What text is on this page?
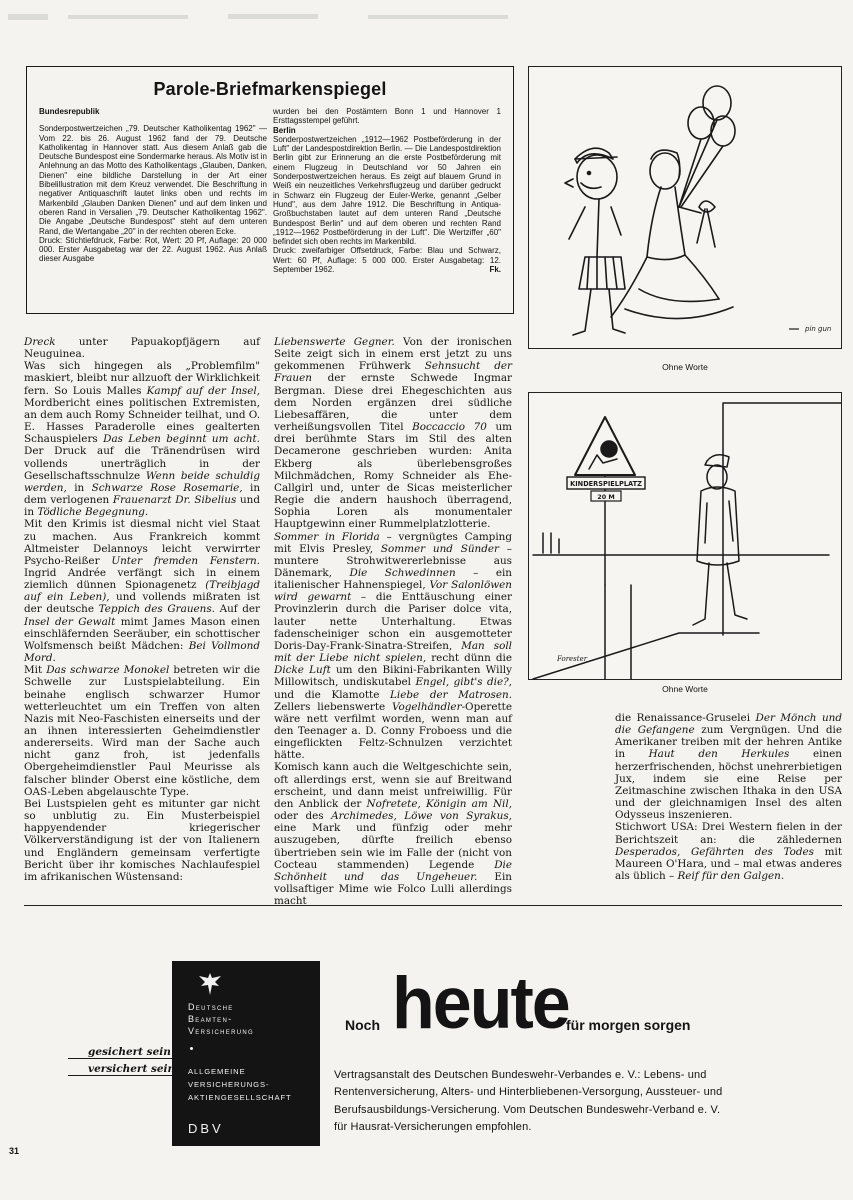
Parole-Briefmarkenspiegel
Bundesrepublik
Sonderpostwertzeichen „79. Deutscher Katholikentag 1962" — Vom 22. bis 26. August 1962 fand der 79. Deutsche Katholikentag in Hannover statt. Aus diesem Anlaß gab die Deutsche Bundespost eine Sondermarke heraus. Als Motiv ist in Anlehnung an das Motto des Katholikentags „Glauben, Danken, Dienen" eine bildliche Darstellung in der Art einer Bibelillustration mit dem Kreuz verwendet. Die Beschriftung in negativer Antiquaschrift lautet links oben und rechts im Markenbild „Glauben Danken Dienen" und auf dem linken und oberen Rand in Versalien „79. Deutscher Katholikentag 1962". Die Angabe „Deutsche Bundespost" steht auf dem unteren Rand, die Wertangabe „20" in der rechten oberen Ecke.
Druck: Stichtiefdruck, Farbe: Rot, Wert: 20 Pf, Auflage: 20 000 000. Erster Ausgabetag war der 22. August 1962. Aus Anlaß dieser Ausgabe
wurden bei den Postämtern Bonn 1 und Hannover 1 Ersttagsstempel geführt.

Berlin
Sonderpostwertzeichen „1912—1962 Postbeförderung in der Luft" der Landespostdirektion Berlin. — Die Landespostdirektion Berlin gibt zur Erinnerung an die erste Postbeförderung mit einem Flugzeug in Deutschland vor 50 Jahren ein Sonderpostwertzeichen heraus. Es zeigt auf blauem Grund in Weiß ein neuzeitliches Verkehrsflugzeug und darüber gedruckt in Schwarz ein Flugzeug der Euler-Werke, genannt „Gelber Hund", aus dem Jahre 1912. Die Beschriftung in Antiqua-Großbuchstaben lautet auf dem unteren Rand „Deutsche Bundespost Berlin" und auf dem oberen und rechten Rand „1912—1962 Postbeförderung in der Luft". Die Wertziffer „60" befindet sich oben rechts im Markenbild.
Druck: zweifarbiger Offsetdruck, Farbe: Blau und Schwarz, Wert: 60 Pf, Auflage: 5 000 000. Erster Ausgabetag: 12. September 1962.	Fk.
pin gun
Ohne Worte
KINDERSPIELPLATZ
20 M
Forester
Ohne Worte

Dreck unter Papuakopfjägern auf Neuguinea.

Was sich hingegen als „Problemfilm" maskiert, bleibt nur allzuoft der Wirklichkeit fern. So Louis Malles Kampf auf der Insel, Mordbericht eines politischen Extremisten, an dem auch Romy Schneider teilhat, und O. E. Hasses Paraderolle eines gealterten Schauspielers Das Leben beginnt um acht. Der Druck auf die Tränendrüsen wird vollends unerträglich in der Gesellschaftsschnulze Wenn beide schuldig werden, in Schwarze Rose Rosemarie, in dem verlogenen Frauenarzt Dr. Sibelius und in Tödliche Begegnung.

Mit den Krimis ist diesmal nicht viel Staat zu machen. Aus Frankreich kommt Altmeister Delannoys leicht verwirrter Psycho-Reißer Unter fremden Fenstern. Ingrid Andrée verfängt sich in einem ziemlich dünnen Spionagenetz (Treibjagd auf ein Leben), und vollends mißraten ist der deutsche Teppich des Grauens. Auf der Insel der Gewalt mimt James Mason einen einschläfernden Seeräuber, ein schottischer Wolfsmensch beißt Mädchen: Bei Vollmond Mord.

Mit Das schwarze Monokel betreten wir die Schwelle zur Lustspielabteilung. Ein beinahe englisch schwarzer Humor wetterleuchtet um ein Treffen von alten Nazis mit Neo-Faschisten einerseits und der an ihnen interessierten Geheimdienstler andererseits. Wird man der Sache auch nicht ganz froh, ist jedenfalls Obergeheimdienstler Paul Meurisse als falscher blinder Oberst eine köstliche, dem OAS-Leben abgelauschte Type.

Bei Lustspielen geht es mitunter gar nicht so unblutig zu. Ein Musterbeispiel happyendender kriegerischer Völkerverständigung ist der von Italienern und Engländern gemeinsam verfertigte Bericht über ihr komisches Nachlaufespiel im afrikanischen Wüstensand:

Liebenswerte Gegner. Von der ironischen Seite zeigt sich in einem erst jetzt zu uns gekommenen Frühwerk Sehnsucht der Frauen der ernste Schwede Ingmar Bergman. Diese drei Ehegeschichten aus dem Norden ergänzen drei südliche Liebesaffären, die unter dem verheißungsvollen Titel Boccaccio 70 um drei berühmte Stars im Stil des alten Decamerone geschrieben wurden: Anita Ekberg als überlebensgroßes Milchmädchen, Romy Schneider als Ehe-Callgirl und, unter de Sicas meisterlicher Regie die andern haushoch überragend, Sophia Loren als monumentaler Hauptgewinn einer Rummelplatzlotterie.

Sommer in Florida – vergnügtes Camping mit Elvis Presley, Sommer und Sünder – muntere Strohwitwererlebnisse aus Dänemark, Die Schwedinnen – ein italienischer Hahnenspiegel, Vor Salonlöwen wird gewarnt – die Enttäuschung einer Provinzlerin durch die Pariser dolce vita, lauter nette Unterhaltung. Etwas fadenscheiniger schon ein ausgemotteter Doris-Day-Frank-Sinatra-Streifen, Man soll mit der Liebe nicht spielen, recht dünn die Dicke Luft um den Bikini-Fabrikanten Willy Millowitsch, undiskutabel Engel, gibt's die?, und die Klamotte Liebe der Matrosen. Zellers liebenswerte Vogelhändler-Operette wäre nett verfilmt worden, wenn man auf den Teenager a. D. Conny Froboess und die eingeflickten Feltz-Schnulzen verzichtet hätte.

Komisch kann auch die Weltgeschichte sein, oft allerdings erst, wenn sie auf Breitwand erscheint, und dann meist unfreiwillig. Für den Anblick der Nofretete, Königin am Nil, oder des Archimedes, Löwe von Syrakus, eine Mark und fünfzig oder mehr auszugeben, dürfte freilich ebenso übertrieben sein wie im Falle der (nicht von Cocteau stammenden) Legende Die Schönheit und das Ungeheuer. Ein vollsaftiger Mime wie Folco Lulli allerdings macht

die Renaissance-Gruselei Der Mönch und die Gefangene zum Vergnügen. Und die Amerikaner treiben mit der hehren Antike in Haut den Herkules einen herzerfrischenden, höchst unehrerbietigen Jux, indem sie eine Reise per Zeitmaschine zwischen Ithaka in den USA und der gleichnamigen Insel des alten Odysseus inszenieren.

Stichwort USA: Drei Western fielen in der Berichtszeit an: die zähledernen Desperados, Gefährten des Todes mit Maureen O'Hara, und – mal etwas anderes als üblich – Reif für den Galgen.

Deutsche
Beamten-
Versicherung
ALLGEMEINE
VERSICHERUNGS-
AKTIENGESELLSCHAFT
DBV
gesichert sein
versichert sein
Noch heute
für morgen sorgen
Vertragsanstalt des Deutschen Bundeswehr-Verbandes e. V.: Lebens- und Rentenversicherung, Alters- und Hinterbliebenen-Versorgung, Aussteuer- und Berufsausbildungs-Versicherung. Vom Deutschen Bundeswehr-Verband e. V. für Hausrat-Versicherungen empfohlen.
31
